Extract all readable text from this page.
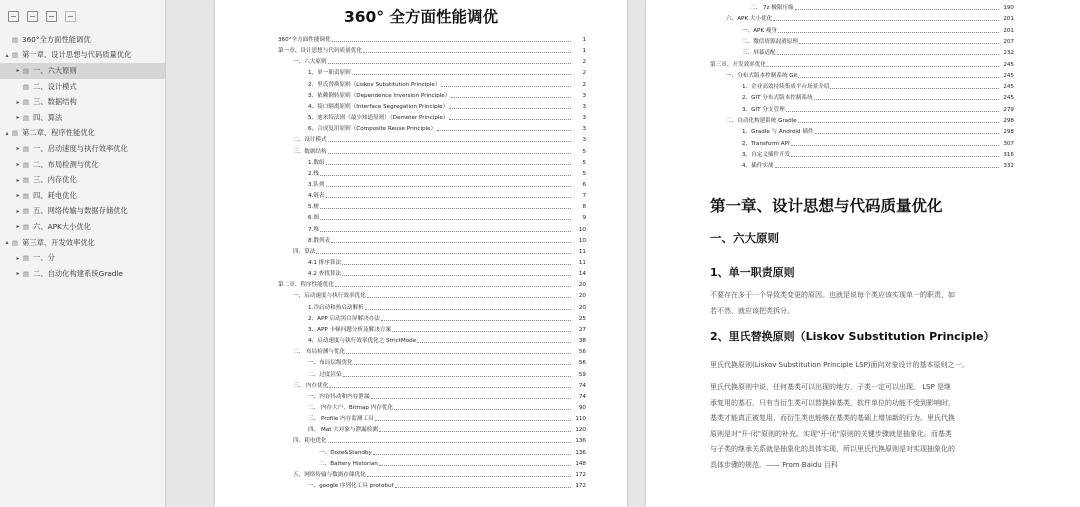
▤ 360°全方面性能调优
▴ ▤ 第一章、设计思想与代码质量优化
▸ ▤ 一、六大原则
▤ 二、设计模式
▸ ▤ 三、数据结构
▸ ▤ 四、算法
▴ ▤ 第二章、程序性能优化
▸ ▤ 一、启动速度与执行效率优化
▸ ▤ 二、布局检测与优化
▸ ▤ 三、内存优化
▸ ▤ 四、耗电优化
▸ ▤ 五、网络传输与数据存储优化
▸ ▤ 六、APK大小优化
▴ ▤ 第三章、开发效率优化
▸ ▤ 一、分
▸ ▤ 二、自动化构建系统Gradle
360° 全方面性能调优
360°全方面性能调优	1
第一章、设计思想与代码质量优化	1
一、六大原则	2
1、单一职责原则	2
2、里氏替换原则（Liskov Substitution Principle）	2
3、依赖倒转原则（Dependence Inversion Principle）	3
4、接口隔离原则（Interface Segregation Principle）	3
5、迪米特法则（最少知道原则）（Demeter Principle）	3
6、合成复用原则（Composite Reuse Principle）	3
二、设计模式	3
三、数据结构	5
1.数组	5
2.栈	5
3.队列	6
4.链表	7
5.树	8
6.图	9
7.堆	10
8.散列表	10
四、算法	11
4.1 排序算法	11
4.2 查找算法	14
第二章、程序性能优化	20
一、启动速度与执行效率优化	20
1.冷启动和热启动解析	20
2、APP 启动黑白屏解决办法	25
3、APP 卡顿问题分析及解决方案	27
4、启动速度与执行效率优化之 StrictMode	38
二、 布局检测与优化	56
一、布局层级优化	56
二、过度渲染	59
三、 内存优化	74
一、内存抖动和内存泄漏	74
二、 内存大户，Bitmap 内存优化	90
三、 Profile 内存监测工具	110
四、 Mat 大对象与泄漏检测	120
四、耗电优化	136
一、Doze&Standby	136
二、Battery Historian	148
五、网络传输与数据存储优化	172
一、google 序列化工具 protobuf	172
二、 7z 极限压缩	190
六、APK 大小优化	201
一、APK 瘦身	201
二、微信资源混淆原理	207
三、屏幕适配	232
第三章、开发效率优化	245
一、分布式版本控制系统 Git	245
1、企业高效持续集成平台场景介绍	245
2、GIT 分布式版本控制系统	245
3、GIT 分支管理	279
二、自动化构建系统 Gradle	298
1、Gradle 与 Android 插件	298
2、Transform API	307
3、自定义插件开发	316
4、插件实战	332
第一章、设计思想与代码质量优化
一、六大原则
1、单一职责原则
不要存在多于一个导致类变更的原因。也就是说每个类应该实现单一的职责，如
若不然，就应该把类拆分。
2、里氏替换原则（Liskov Substitution Principle）
里氏代换原则(Liskov Substitution Principle LSP)面向对象设计的基本原则之一。
里氏代换原则中说，任何基类可以出现的地方，子类一定可以出现。 LSP 是继
承复用的基石，只有当衍生类可以替换掉基类，软件单位的功能不受到影响时，
基类才能真正被复用，而衍生类也能够在基类的基础上增加新的行为。里氏代换
原则是对"开-闭"原则的补充。实现"开-闭"原则的关键步骤就是抽象化。而基类
与子类的继承关系就是抽象化的具体实现，所以里氏代换原则是对实现抽象化的
具体步骤的规范。—— From Baidu 百科
